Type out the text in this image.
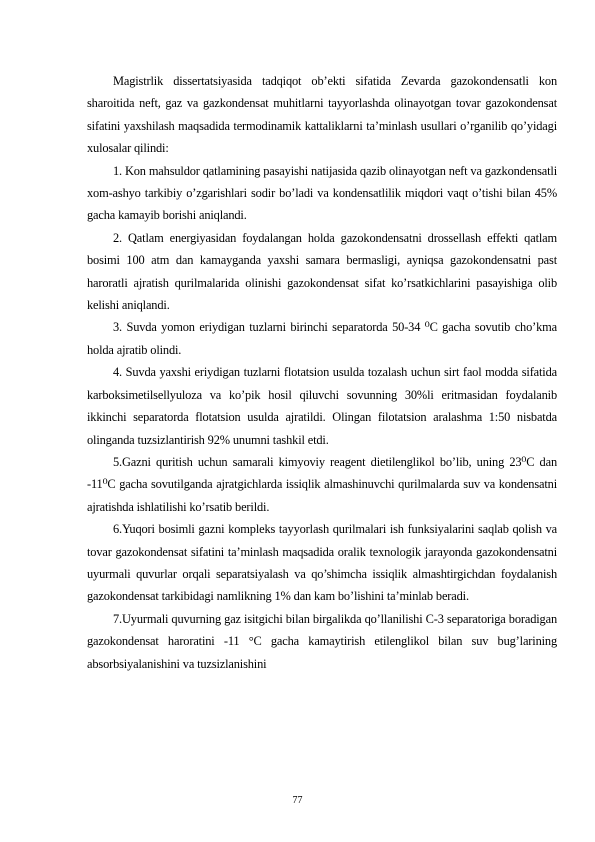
Magistrlik dissertatsiyasida tadqiqot ob’ekti sifatida Zevarda gazokondensatli kon sharoitida neft, gaz va gazkondensat muhitlarni tayyorlashda olinayotgan tovar gazokondensat sifatini yaxshilash maqsadida termodinamik kattaliklarni ta’minlash usullari o’rganilib qo’yidagi xulosalar qilindi:

1. Kon mahsuldor qatlamining pasayishi natijasida qazib olinayotgan neft va gazkondensatli xom-ashyo tarkibiy o’zgarishlari sodir bo’ladi va kondensatlilik miqdori vaqt o’tishi bilan 45% gacha kamayib borishi aniqlandi.

2. Qatlam energiyasidan foydalangan holda gazokondensatni drossellash effekti qatlam bosimi 100 atm dan kamayganda yaxshi samara bermasligi, ayniqsa gazokondensatni past haroratli ajratish qurilmalarida olinishi gazokondensat sifat ko’rsatkichlarini pasayishiga olib kelishi aniqlandi.

3. Suvda yomon eriydigan tuzlarni birinchi separatorda 50-34 ⁰C gacha sovutib cho’kma holda ajratib olindi.

4. Suvda yaxshi eriydigan tuzlarni flotatsion usulda tozalash uchun sirt faol modda sifatida karboksimetilsellyuloza va ko’pik hosil qiluvchi sovunning 30%li eritmasidan foydalanib ikkinchi separatorda flotatsion usulda ajratildi. Olingan filotatsion aralashma 1:50 nisbatda olinganda tuzsizlantirish 92% unumni tashkil etdi.

5.Gazni quritish uchun samarali kimyoviy reagent dietilenglikol bo’lib, uning 23⁰C dan -11⁰C gacha sovutilganda ajratgichlarda issiqlik almashinuvchi qurilmalarda suv va kondensatni ajratishda ishlatilishi ko’rsatib berildi.

6.Yuqori bosimli gazni kompleks tayyorlash qurilmalari ish funksiyalarini saqlab qolish va tovar gazokondensat sifatini ta’minlash maqsadida oralik texnologik jarayonda gazokondensatni uyurmali quvurlar orqali separatsiyalash va qo’shimcha issiqlik almashtirgichdan foydalanish gazokondensat tarkibidagi namlikning 1% dan kam bo’lishini ta’minlab beradi.

7.Uyurmali quvurning gaz isitgichi bilan birgalikda qo’llanilishi C-3 separatoriga boradigan gazokondensat haroratini -11 °C gacha kamaytirish etilenglikol bilan suv bug’larining absorbsiyalanishini va tuzsizlanishini

77
